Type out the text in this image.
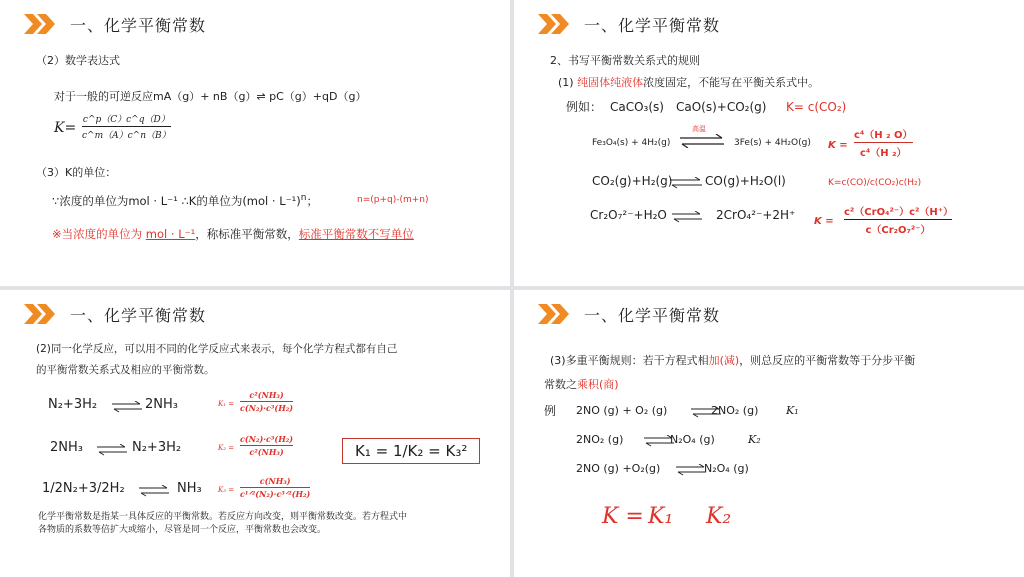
一、化学平衡常数
（2）数学表达式
对于一般的可逆反应mA（g）+ nB（g）⇌ pC（g）+qD（g）
K= c^p（C）c^q（D）
c^m（A）c^n（B）
（3）K的单位：
∵浓度的单位为mol · L⁻¹ ∴K的单位为(mol · L⁻¹)$^n$；	n=(p+q)-(m+n)
※当浓度的单位为 mol · L⁻¹，称标准平衡常数，标准平衡常数不写单位
一、化学平衡常数
2、书写平衡常数关系式的规则
(1) 纯固体纯液体浓度固定，不能写在平衡关系式中。
例如： CaCO₃(s) CaO(s)+CO₂(g) K= c(CO₂)
Fe₃O₄(s) + 4H₂(g)
高温
⇌ 3Fe(s) + 4H₂O(g) K =
c⁴（H ₂ O）
c⁴（H ₂）
CO₂(g)+H₂(g) ⇌ CO(g)+H₂O(l)	K=c(CO)/c(CO₂)c(H₂)
Cr₂O₇²⁻+H₂O ⇌ 2CrO₄²⁻+2H⁺ K =
c²（CrO₄²⁻）c²（H⁺）
c（Cr₂O₇²⁻）
一、化学平衡常数
(2)同一化学反应，可以用不同的化学反应式来表示，每个化学方程式都有自己
的平衡常数关系式及相应的平衡常数。
N₂+3H₂ ⇌ 2NH₃	K₁ =
c²(NH₃)
c(N₂)·c³(H₂)
2NH₃ ⇌ N₂+3H₂	K₂ =
c(N₂)·c³(H₂)
c²(NH₃)	K₁ = 1/K₂ = K₃²
1/2N₂+3/2H₂ ⇌ NH₃ K₃ =
c(NH₃)
c¹ᐟ²(N₂)·c³ᐟ²(H₂)
化学平衡常数是指某一具体反应的平衡常数。若反应方向改变，则平衡常数改变。若方程式中
各物质的系数等倍扩大或缩小，尽管是同一个反应，平衡常数也会改变。
一、化学平衡常数
(3)多重平衡规则：若干方程式相加(减)，则总反应的平衡常数等于分步平衡
常数之乘积(商)
例 2NO (g) + O₂ (g) ⇌
2NO₂ (g)	K₁
2NO₂ (g) ⇌
N₂O₄ (g)	K₂
2NO (g) +O₂(g) ⇌
N₂O₄ (g)
K = K₁ K₂
